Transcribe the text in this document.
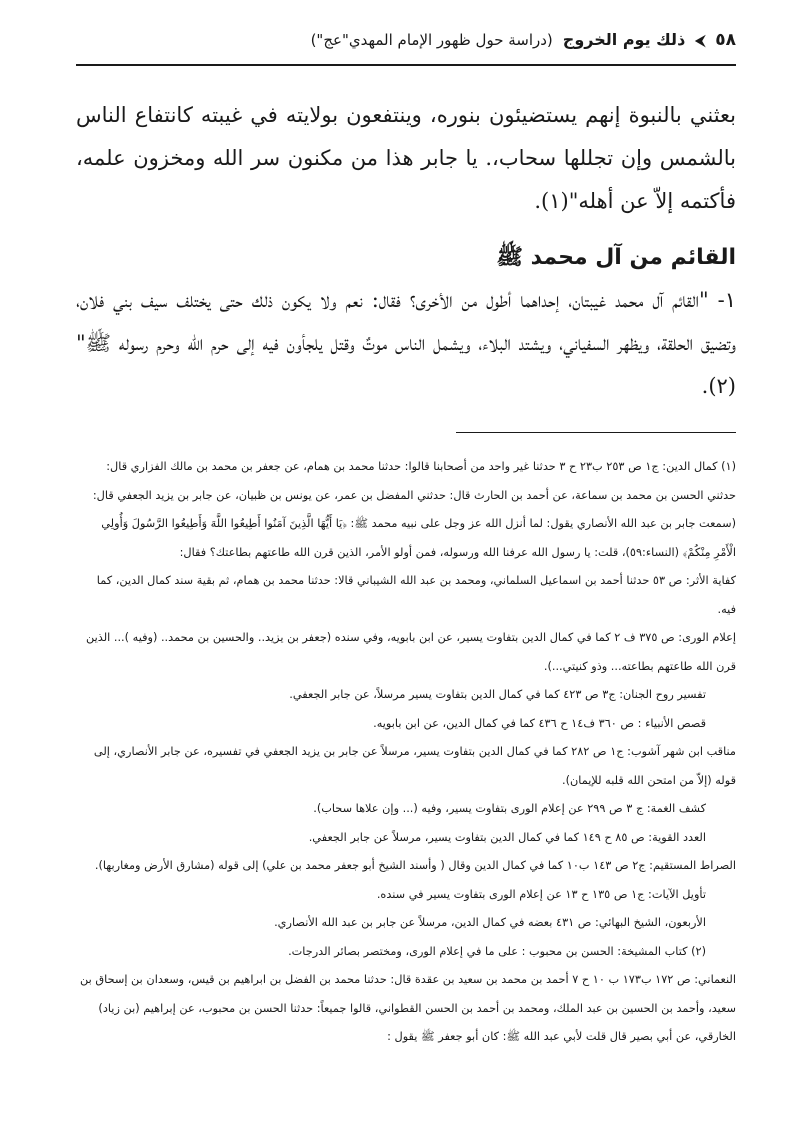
٥٨
⮜
ذلك يوم الخروج
(دراسة حول ظهور الإمام المهدي"عج")

بعثني بالنبوة إنهم يستضيئون بنوره، وينتفعون بولايته في غيبته كانتفاع الناس بالشمس وإن تجللها سحاب،. يا جابر هذا من مكنون سر الله ومخزون علمه، فأكتمه إلاّ عن أهله"(١).

القائم من آل محمد ﷺ

١- "القائم آل محمد غيبتان، إحداهما أطول من الأخرى؟ فقال: نعم ولا يكون ذلك حتى يختلف سيف بني فلان، وتضيق الحلقة، ويظهر السفياني، ويشتد البلاء، ويشمل الناس موتٌ وقتل يلجأون فيه إلى حرم الله وحرم رسوله ﷺ"(٢).

(١) كمال الدين: ج١ ص ٢٥٣ ب٢٣ ح ٣ حدثنا غير واحد من أصحابنا قالوا: حدثنا محمد بن همام، عن جعفر بن محمد بن مالك الفزاري قال: حدثني الحسن بن محمد بن سماعة، عن أحمد بن الحارث قال: حدثني المفضل بن عمر، عن يونس بن ظبيان، عن جابر بن يزيد الجعفي قال: (سمعت جابر بن عبد الله الأنصاري يقول: لما أنزل الله عز وجل على نبيه محمد ﷺ: ﴿يَا أَيُّهَا الَّذِينَ آمَنُوا أَطِيعُوا اللَّهَ وَأَطِيعُوا الرَّسُولَ وَأُولِي الْأَمْرِ مِنْكُمْ﴾ (النساء:٥٩)، قلت: يا رسول الله عرفنا الله ورسوله، فمن أولو الأمر، الذين قرن الله طاعتهم بطاعتك؟ فقال:

كفاية الأثر: ص ٥٣ حدثنا أحمد بن اسماعيل السلماني، ومحمد بن عبد الله الشيباني قالا: حدثنا محمد بن همام، ثم بقية سند كمال الدين، كما فيه.

إعلام الورى: ص ٣٧٥ ف ٢ كما في كمال الدين بتفاوت يسير، عن ابن بابويه، وفي سنده (جعفر بن يزيد.. والحسين بن محمد.. (وفيه )... الذين قرن الله طاعتهم بطاعته... وذو كنيتي...).

تفسير روح الجنان: ج٣ ص ٤٢٣ كما في كمال الدين بتفاوت يسير مرسلاً، عن جابر الجعفي.

قصص الأنبياء : ص ٣٦٠ ف١٤ ح ٤٣٦ كما في كمال الدين، عن ابن بابويه.

مناقب ابن شهر آشوب: ج١ ص ٢٨٢ كما في كمال الدين بتفاوت يسير، مرسلاً عن جابر بن يزيد الجعفي في تفسيره، عن جابر الأنصاري، إلى قوله (إلاّ من امتحن الله قلبه للإيمان).

كشف الغمة: ج ٣ ص ٢٩٩ عن إعلام الورى بتفاوت يسير، وفيه (... وإن علاها سحاب).

العدد القوية: ص ٨٥ ح ١٤٩ كما في كمال الدين بتفاوت يسير، مرسلاً عن جابر الجعفي.

الصراط المستقيم: ج٢ ص ١٤٣ ب١٠ كما في كمال الدين وقال ( وأسند الشيخ أبو جعفر محمد بن علي) إلى قوله (مشارق الأرض ومغاربها).

تأويل الآيات: ج١ ص ١٣٥ ح ١٣ عن إعلام الورى بتفاوت يسير في سنده.

الأربعون، الشيخ البهائي: ص ٤٣١ بعضه في كمال الدين، مرسلاً عن جابر بن عبد الله الأنصاري.

(٢) كتاب المشيخة: الحسن بن محبوب : على ما في إعلام الورى، ومختصر بصائر الدرجات.

النعماني: ص ١٧٢ ب١٧٣ ب ١٠ ح ٧ أحمد بن محمد بن سعيد بن عقدة قال: حدثنا محمد بن الفضل بن ابراهيم بن قيس، وسعدان بن إسحاق بن سعيد، وأحمد بن الحسين بن عبد الملك، ومحمد بن أحمد بن الحسن القطواني، قالوا جميعاً: حدثنا الحسن بن محبوب، عن إبراهيم (بن زياد) الخارقي، عن أبي بصير قال قلت لأبي عبد الله ﷺ: كان أبو جعفر ﷺ يقول :
